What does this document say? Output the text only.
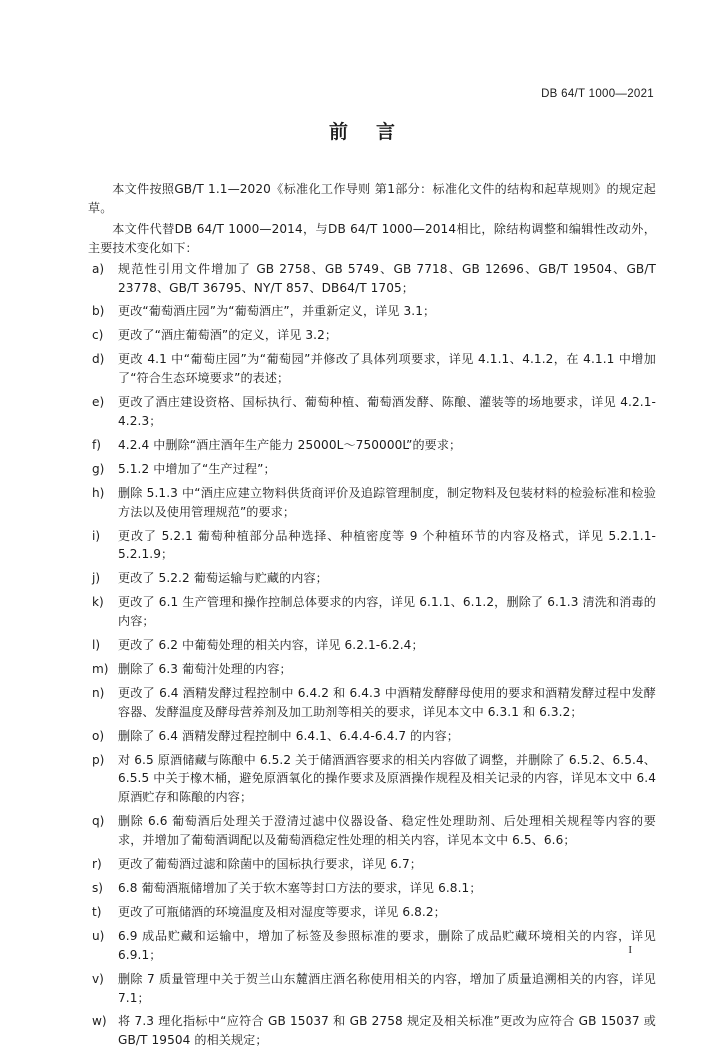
DB 64/T 1000—2021
前言

本文件按照GB/T 1.1—2020《标准化工作导则 第1部分：标准化文件的结构和起草规则》的规定起草。

本文件代替DB 64/T 1000—2014，与DB 64/T 1000—2014相比，除结构调整和编辑性改动外，主要技术变化如下：

a)	规范性引用文件增加了 GB 2758、GB 5749、GB 7718、GB 12696、GB/T 19504、GB/T 23778、GB/T 36795、NY/T 857、DB64/T 1705；
b)	更改“葡萄酒庄园”为“葡萄酒庄”，并重新定义，详见 3.1；
c)	更改了“酒庄葡萄酒”的定义，详见 3.2；
d)	更改 4.1 中“葡萄庄园”为“葡萄园”并修改了具体列项要求，详见 4.1.1、4.1.2，在 4.1.1 中增加了“符合生态环境要求”的表述；
e)	更改了酒庄建设资格、国标执行、葡萄种植、葡萄酒发酵、陈酿、灌装等的场地要求，详见 4.2.1-4.2.3；
f)	4.2.4 中删除“酒庄酒年生产能力 25000L～750000L”的要求；
g)	5.1.2 中增加了“生产过程”；
h)	删除 5.1.3 中“酒庄应建立物料供货商评价及追踪管理制度，制定物料及包装材料的检验标准和检验方法以及使用管理规范”的要求；
i)	更改了 5.2.1 葡萄种植部分品种选择、种植密度等 9 个种植环节的内容及格式，详见 5.2.1.1-5.2.1.9；
j)	更改了 5.2.2 葡萄运输与贮藏的内容；
k)	更改了 6.1 生产管理和操作控制总体要求的内容，详见 6.1.1、6.1.2，删除了 6.1.3 清洗和消毒的内容；
l)	更改了 6.2 中葡萄处理的相关内容，详见 6.2.1-6.2.4；
m) 删除了 6.3 葡萄汁处理的内容；
n)	更改了 6.4 酒精发酵过程控制中 6.4.2 和 6.4.3 中酒精发酵酵母使用的要求和酒精发酵过程中发酵容器、发酵温度及酵母营养剂及加工助剂等相关的要求，详见本文中 6.3.1 和 6.3.2；
o)	删除了 6.4 酒精发酵过程控制中 6.4.1、6.4.4-6.4.7 的内容；
p)	对 6.5 原酒储藏与陈酿中 6.5.2 关于储酒酒容要求的相关内容做了调整，并删除了 6.5.2、6.5.4、6.5.5 中关于橡木桶，避免原酒氧化的操作要求及原酒操作规程及相关记录的内容，详见本文中 6.4 原酒贮存和陈酿的内容；
q)	删除 6.6 葡萄酒后处理关于澄清过滤中仪器设备、稳定性处理助剂、后处理相关规程等内容的要求，并增加了葡萄酒调配以及葡萄酒稳定性处理的相关内容，详见本文中 6.5、6.6；
r)	更改了葡萄酒过滤和除菌中的国标执行要求，详见 6.7；
s)	6.8 葡萄酒瓶储增加了关于软木塞等封口方法的要求，详见 6.8.1；
t)	更改了可瓶储酒的环境温度及相对湿度等要求，详见 6.8.2；
u)	6.9 成品贮藏和运输中，增加了标签及参照标准的要求，删除了成品贮藏环境相关的内容，详见 6.9.1；
v)	删除 7 质量管理中关于贺兰山东麓酒庄酒名称使用相关的内容，增加了质量追溯相关的内容，详见 7.1；
w) 将 7.3 理化指标中“应符合 GB 15037 和 GB 2758 规定及相关标准”更改为应符合 GB 15037 或 GB/T 19504 的相关规定；
I
